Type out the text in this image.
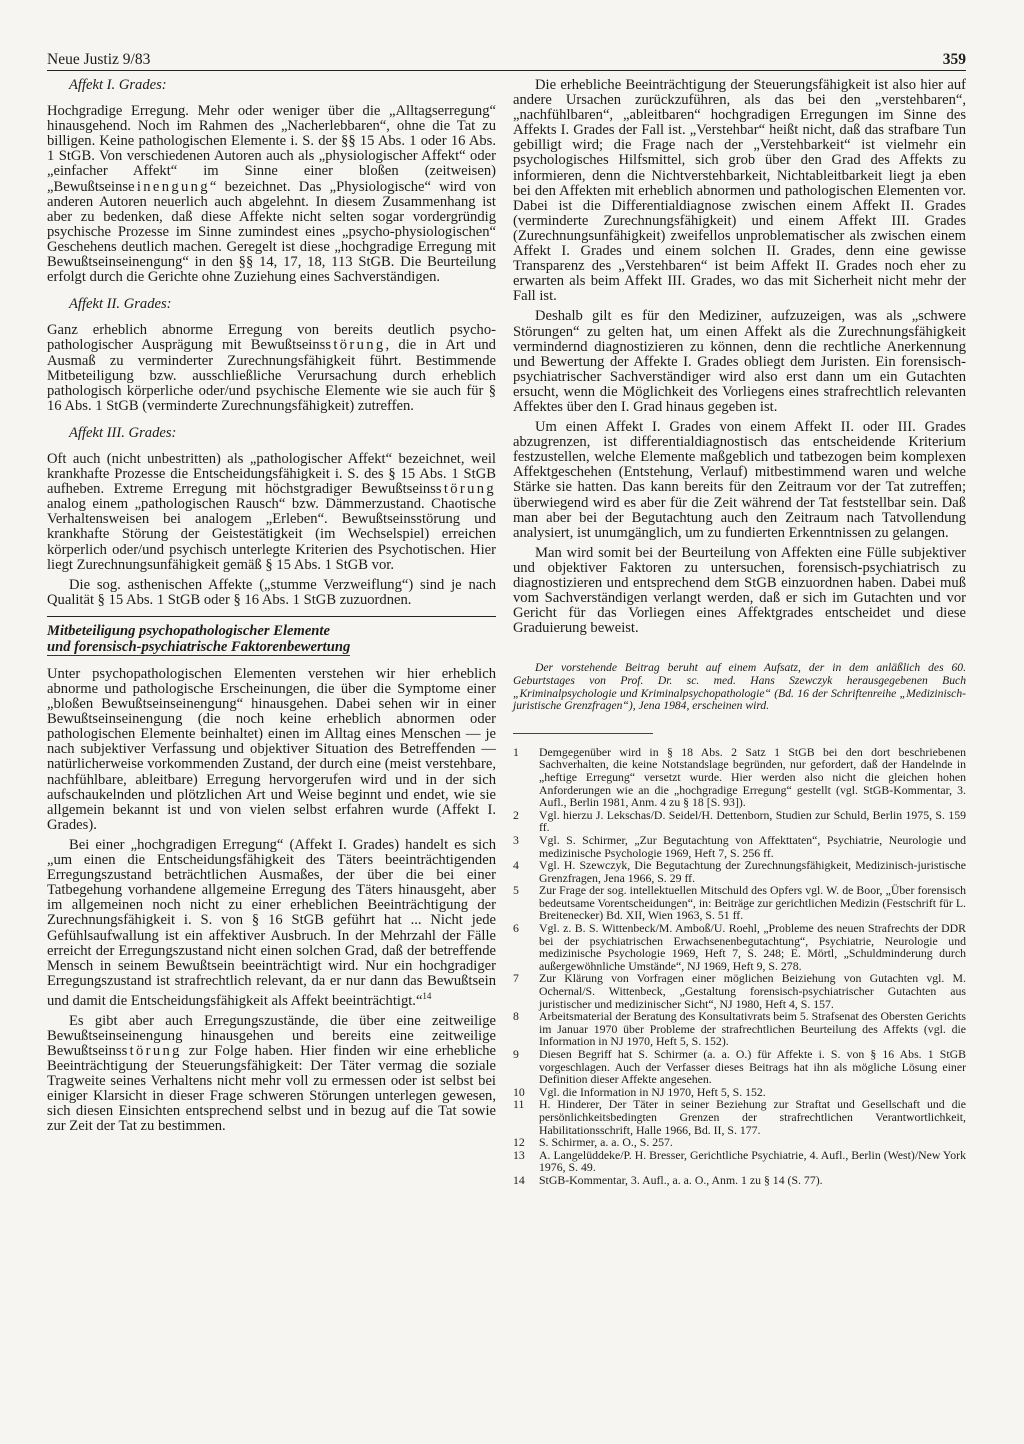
Neue Justiz 9/83	359
Affekt I. Grades:

Hochgradige Erregung. Mehr oder weniger über die „Alltagserregung“ hinausgehend. Noch im Rahmen des „Nacherlebbaren“, ohne die Tat zu billigen. Keine pathologischen Elemente i. S. der §§ 15 Abs. 1 oder 16 Abs. 1 StGB. Von verschiedenen Autoren auch als „physiologischer Affekt“ oder „einfacher Affekt“ im Sinne einer bloßen (zeitweisen) „Bewußtseinseinengung“ bezeichnet. Das „Physiologische“ wird von anderen Autoren neuerlich auch abgelehnt. In diesem Zusammenhang ist aber zu bedenken, daß diese Affekte nicht selten sogar vordergründig psychische Prozesse im Sinne zumindest eines „psycho-physiologischen“ Geschehens deutlich machen. Geregelt ist diese „hochgradige Erregung mit Bewußtseinseinengung“ in den §§ 14, 17, 18, 113 StGB. Die Beurteilung erfolgt durch die Gerichte ohne Zuziehung eines Sachverständigen.

Affekt II. Grades:

Ganz erheblich abnorme Erregung von bereits deutlich psycho-pathologischer Ausprägung mit Bewußtseinsstörung, die in Art und Ausmaß zu verminderter Zurechnungsfähigkeit führt. Bestimmende Mitbeteiligung bzw. ausschließliche Verursachung durch erheblich pathologisch körperliche oder/und psychische Elemente wie sie auch für § 16 Abs. 1 StGB (verminderte Zurechnungsfähigkeit) zutreffen.

Affekt III. Grades:

Oft auch (nicht unbestritten) als „pathologischer Affekt“ bezeichnet, weil krankhafte Prozesse die Entscheidungsfähigkeit i. S. des § 15 Abs. 1 StGB aufheben. Extreme Erregung mit höchstgradiger Bewußtseinsstörung analog einem „pathologischen Rausch“ bzw. Dämmerzustand. Chaotische Verhaltensweisen bei analogem „Erleben“. Bewußtseinsstörung und krankhafte Störung der Geistestätigkeit (im Wechselspiel) erreichen körperlich oder/und psychisch unterlegte Kriterien des Psychotischen. Hier liegt Zurechnungsunfähigkeit gemäß § 15 Abs. 1 StGB vor.

Die sog. asthenischen Affekte („stumme Verzweiflung“) sind je nach Qualität § 15 Abs. 1 StGB oder § 16 Abs. 1 StGB zuzuordnen.

Mitbeteiligung psychopathologischer Elemente
und forensisch-psychiatrische Faktorenbewertung

Unter psychopathologischen Elementen verstehen wir hier erheblich abnorme und pathologische Erscheinungen, die über die Symptome einer „bloßen Bewußtseinseinengung“ hinausgehen. Dabei sehen wir in einer Bewußtseinseinengung (die noch keine erheblich abnormen oder pathologischen Elemente beinhaltet) einen im Alltag eines Menschen — je nach subjektiver Verfassung und objektiver Situation des Betreffenden — natürlicherweise vorkommenden Zustand, der durch eine (meist verstehbare, nachfühlbare, ableitbare) Erregung hervorgerufen wird und in der sich aufschaukelnden und plötzlichen Art und Weise beginnt und endet, wie sie allgemein bekannt ist und von vielen selbst erfahren wurde (Affekt I. Grades).

Bei einer „hochgradigen Erregung“ (Affekt I. Grades) handelt es sich „um einen die Entscheidungsfähigkeit des Täters beeinträchtigenden Erregungszustand beträchtlichen Ausmaßes, der über die bei einer Tatbegehung vorhandene allgemeine Erregung des Täters hinausgeht, aber im allgemeinen noch nicht zu einer erheblichen Beeinträchtigung der Zurechnungsfähigkeit i. S. von § 16 StGB geführt hat ... Nicht jede Gefühlsaufwallung ist ein affektiver Ausbruch. In der Mehrzahl der Fälle erreicht der Erregungszustand nicht einen solchen Grad, daß der betreffende Mensch in seinem Bewußtsein beeinträchtigt wird. Nur ein hochgradiger Erregungszustand ist strafrechtlich relevant, da er nur dann das Bewußtsein und damit die Entscheidungsfähigkeit als Affekt beeinträchtigt.“$^{14}$

Es gibt aber auch Erregungszustände, die über eine zeitweilige Bewußtseinseinengung hinausgehen und bereits eine zeitweilige Bewußtseinsstörung zur Folge haben. Hier finden wir eine erhebliche Beeinträchtigung der Steuerungsfähigkeit: Der Täter vermag die soziale Tragweite seines Verhaltens nicht mehr voll zu ermessen oder ist selbst bei einiger Klarsicht in dieser Frage schweren Störungen unterlegen gewesen, sich diesen Einsichten entsprechend selbst und in bezug auf die Tat sowie zur Zeit der Tat zu bestimmen.

Die erhebliche Beeinträchtigung der Steuerungsfähigkeit ist also hier auf andere Ursachen zurückzuführen, als das bei den „verstehbaren“, „nachfühlbaren“, „ableitbaren“ hochgradigen Erregungen im Sinne des Affekts I. Grades der Fall ist. „Verstehbar“ heißt nicht, daß das strafbare Tun gebilligt wird; die Frage nach der „Verstehbarkeit“ ist vielmehr ein psychologisches Hilfsmittel, sich grob über den Grad des Affekts zu informieren, denn die Nichtverstehbarkeit, Nichtableitbarkeit liegt ja eben bei den Affekten mit erheblich abnormen und pathologischen Elementen vor. Dabei ist die Differentialdiagnose zwischen einem Affekt II. Grades (verminderte Zurechnungsfähigkeit) und einem Affekt III. Grades (Zurechnungsunfähigkeit) zweifellos unproblematischer als zwischen einem Affekt I. Grades und einem solchen II. Grades, denn eine gewisse Transparenz des „Verstehbaren“ ist beim Affekt II. Grades noch eher zu erwarten als beim Affekt III. Grades, wo das mit Sicherheit nicht mehr der Fall ist.

Deshalb gilt es für den Mediziner, aufzuzeigen, was als „schwere Störungen“ zu gelten hat, um einen Affekt als die Zurechnungsfähigkeit vermindernd diagnostizieren zu können, denn die rechtliche Anerkennung und Bewertung der Affekte I. Grades obliegt dem Juristen. Ein forensisch-psychiatrischer Sachverständiger wird also erst dann um ein Gutachten ersucht, wenn die Möglichkeit des Vorliegens eines strafrechtlich relevanten Affektes über den I. Grad hinaus gegeben ist.

Um einen Affekt I. Grades von einem Affekt II. oder III. Grades abzugrenzen, ist differentialdiagnostisch das entscheidende Kriterium festzustellen, welche Elemente maßgeblich und tatbezogen beim komplexen Affektgeschehen (Entstehung, Verlauf) mitbestimmend waren und welche Stärke sie hatten. Das kann bereits für den Zeitraum vor der Tat zutreffen; überwiegend wird es aber für die Zeit während der Tat feststellbar sein. Daß man aber bei der Begutachtung auch den Zeitraum nach Tatvollendung analysiert, ist unumgänglich, um zu fundierten Erkenntnissen zu gelangen.

Man wird somit bei der Beurteilung von Affekten eine Fülle subjektiver und objektiver Faktoren zu untersuchen, forensisch-psychiatrisch zu diagnostizieren und entsprechend dem StGB einzuordnen haben. Dabei muß vom Sachverständigen verlangt werden, daß er sich im Gutachten und vor Gericht für das Vorliegen eines Affektgrades entscheidet und diese Graduierung beweist.

Der vorstehende Beitrag beruht auf einem Aufsatz, der in dem anläßlich des 60. Geburtstages von Prof. Dr. sc. med. Hans Szewczyk herausgegebenen Buch „Kriminalpsychologie und Kriminalpsychopathologie“ (Bd. 16 der Schriftenreihe „Medizinisch-juristische Grenzfragen“), Jena 1984, erscheinen wird.

1	Demgegenüber wird in § 18 Abs. 2 Satz 1 StGB bei den dort beschriebenen Sachverhalten, die keine Notstandslage begründen, nur gefordert, daß der Handelnde in „heftige Erregung“ versetzt wurde. Hier werden also nicht die gleichen hohen Anforderungen wie an die „hochgradige Erregung“ gestellt (vgl. StGB-Kommentar, 3. Aufl., Berlin 1981, Anm. 4 zu § 18 [S. 93]).
2	Vgl. hierzu J. Lekschas/D. Seidel/H. Dettenborn, Studien zur Schuld, Berlin 1975, S. 159 ff.
3	Vgl. S. Schirmer, „Zur Begutachtung von Affekttaten“, Psychiatrie, Neurologie und medizinische Psychologie 1969, Heft 7, S. 256 ff.
4	Vgl. H. Szewczyk, Die Begutachtung der Zurechnungsfähigkeit, Medizinisch-juristische Grenzfragen, Jena 1966, S. 29 ff.
5	Zur Frage der sog. intellektuellen Mitschuld des Opfers vgl. W. de Boor, „Über forensisch bedeutsame Vorentscheidungen“, in: Beiträge zur gerichtlichen Medizin (Festschrift für L. Breitenecker) Bd. XII, Wien 1963, S. 51 ff.
6	Vgl. z. B. S. Wittenbeck/M. Amboß/U. Roehl, „Probleme des neuen Strafrechts der DDR bei der psychiatrischen Erwachsenenbegutachtung“, Psychiatrie, Neurologie und medizinische Psychologie 1969, Heft 7, S. 248; E. Mörtl, „Schuldminderung durch außergewöhnliche Umstände“, NJ 1969, Heft 9, S. 278.
7	Zur Klärung von Vorfragen einer möglichen Beiziehung von Gutachten vgl. M. Ochernal/S. Wittenbeck, „Gestaltung forensisch-psychiatrischer Gutachten aus juristischer und medizinischer Sicht“, NJ 1980, Heft 4, S. 157.
8	Arbeitsmaterial der Beratung des Konsultativrats beim 5. Strafsenat des Obersten Gerichts im Januar 1970 über Probleme der strafrechtlichen Beurteilung des Affekts (vgl. die Information in NJ 1970, Heft 5, S. 152).
9	Diesen Begriff hat S. Schirmer (a. a. O.) für Affekte i. S. von § 16 Abs. 1 StGB vorgeschlagen. Auch der Verfasser dieses Beitrags hat ihn als mögliche Lösung einer Definition dieser Affekte angesehen.
10	Vgl. die Information in NJ 1970, Heft 5, S. 152.
11	H. Hinderer, Der Täter in seiner Beziehung zur Straftat und Gesellschaft und die persönlichkeitsbedingten Grenzen der strafrechtlichen Verantwortlichkeit, Habilitationsschrift, Halle 1966, Bd. II, S. 177.
12	S. Schirmer, a. a. O., S. 257.
13	A. Langelüddeke/P. H. Bresser, Gerichtliche Psychiatrie, 4. Aufl., Berlin (West)/New York 1976, S. 49.
14	StGB-Kommentar, 3. Aufl., a. a. O., Anm. 1 zu § 14 (S. 77).
